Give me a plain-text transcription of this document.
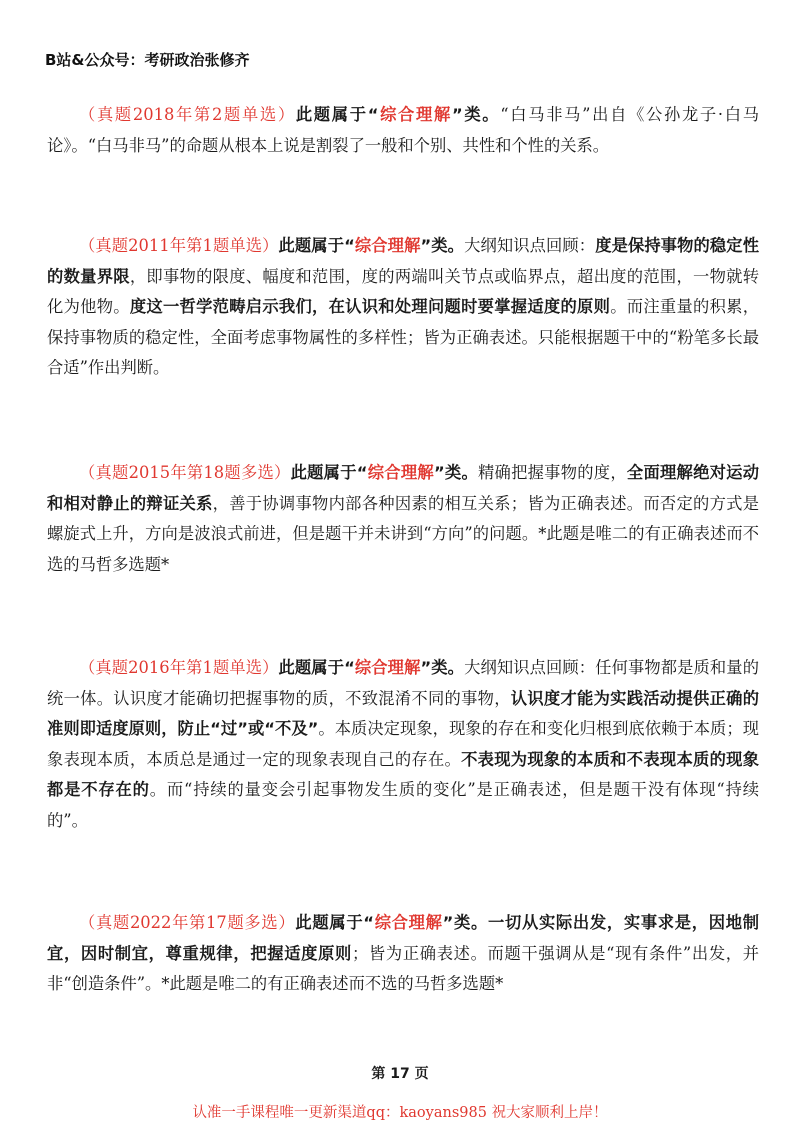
B站&公众号：考研政治张修齐
（真题2018年第2题单选）此题属于“综合理解”类。“白马非马”出自《公孙龙子·白马论》。“白马非马”的命题从根本上说是割裂了一般和个别、共性和个性的关系。
（真题2011年第1题单选）此题属于“综合理解”类。大纲知识点回顾：度是保持事物的稳定性的数量界限，即事物的限度、幅度和范围，度的两端叫关节点或临界点，超出度的范围，一物就转化为他物。度这一哲学范畴启示我们，在认识和处理问题时要掌握适度的原则。而注重量的积累，保持事物质的稳定性，全面考虑事物属性的多样性；皆为正确表述。只能根据题干中的“粉笔多长最合适”作出判断。
（真题2015年第18题多选）此题属于“综合理解”类。精确把握事物的度，全面理解绝对运动和相对静止的辩证关系，善于协调事物内部各种因素的相互关系；皆为正确表述。而否定的方式是螺旋式上升，方向是波浪式前进，但是题干并未讲到“方向”的问题。*此题是唯二的有正确表述而不选的马哲多选题*
（真题2016年第1题单选）此题属于“综合理解”类。大纲知识点回顾：任何事物都是质和量的统一体。认识度才能确切把握事物的质，不致混淆不同的事物，认识度才能为实践活动提供正确的准则即适度原则，防止“过”或“不及”。本质决定现象，现象的存在和变化归根到底依赖于本质；现象表现本质，本质总是通过一定的现象表现自己的存在。不表现为现象的本质和不表现本质的现象都是不存在的。而“持续的量变会引起事物发生质的变化”是正确表述，但是题干没有体现“持续的”。
（真题2022年第17题多选）此题属于“综合理解”类。一切从实际出发，实事求是，因地制宜，因时制宜，尊重规律，把握适度原则；皆为正确表述。而题干强调从是“现有条件”出发，并非“创造条件”。*此题是唯二的有正确表述而不选的马哲多选题*
第 17 页
认准一手课程唯一更新渠道qq：kaoyans985 祝大家顺利上岸！
